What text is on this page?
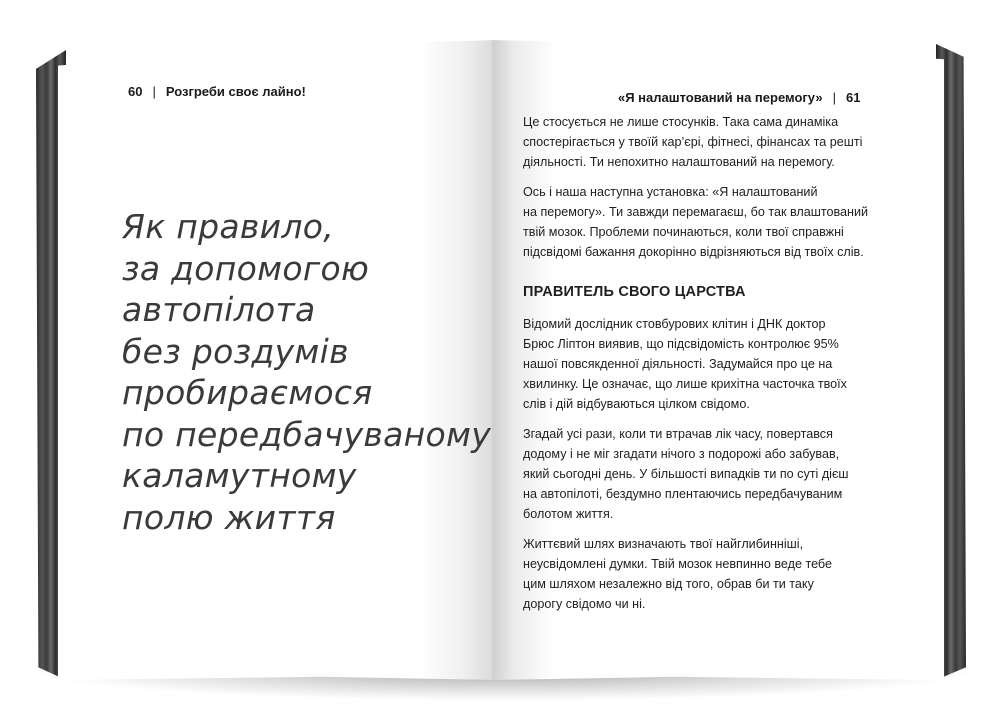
60 | Розгреби своє лайно!
Як правило,
за допомогою
автопілота
без роздумів
пробираємося
по передбачуваному
каламутному
полю життя
«Я налаштований на перемогу» | 61
Це стосується не лише стосунків. Така сама динаміка
спостерігається у твоїй кар’єрі, фітнесі, фінансах та решті
діяльності. Ти непохитно налаштований на перемогу.
Ось і наша наступна установка: «Я налаштований
на перемогу». Ти завжди перемагаєш, бо так влаштований
твій мозок. Проблеми починаються, коли твої справжні
підсвідомі бажання докорінно відрізняються від твоїх слів.
ПРАВИТЕЛЬ СВОГО ЦАРСТВА
Відомий дослідник стовбурових клітин і ДНК доктор
Брюс Ліптон виявив, що підсвідомість контролює 95%
нашої повсякденної діяльності. Задумайся про це на
хвилинку. Це означає, що лише крихітна часточка твоїх
слів і дій відбуваються цілком свідомо.
Згадай усі рази, коли ти втрачав лік часу, повертався
додому і не міг згадати нічого з подорожі або забував,
який сьогодні день. У більшості випадків ти по суті дієш
на автопілоті, бездумно плентаючись передбачуваним
болотом життя.
Життєвий шлях визначають твої найглибинніші,
неусвідомлені думки. Твій мозок невпинно веде тебе
цим шляхом незалежно від того, обрав би ти таку
дорогу свідомо чи ні.
